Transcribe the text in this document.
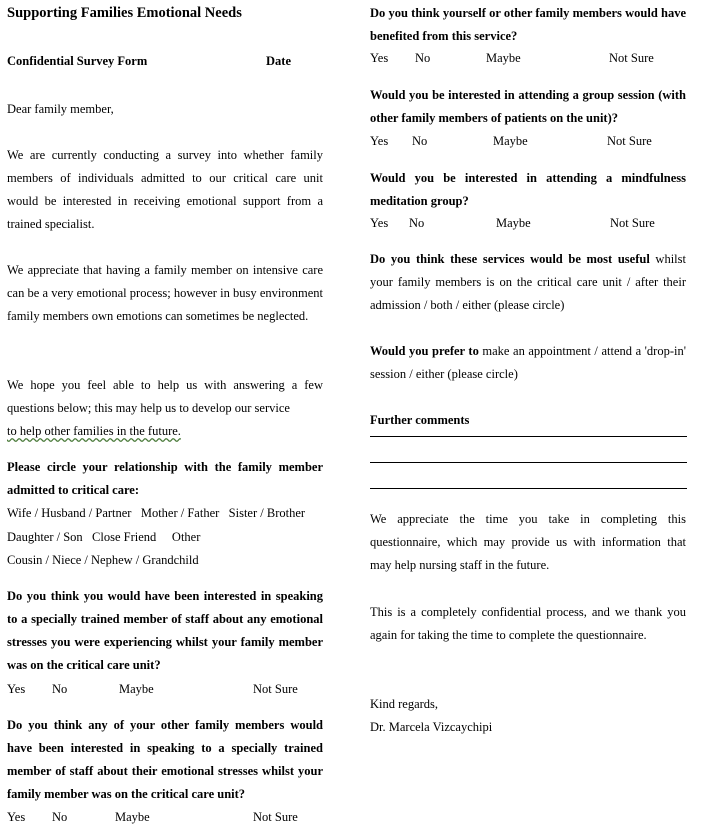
Supporting Families Emotional Needs
Confidential Survey Form	Date

Dear family member,

We are currently conducting a survey into whether family members of individuals admitted to our critical care unit would be interested in receiving emotional support from a trained specialist.

We appreciate that having a family member on intensive care can be a very emotional process; however in busy environment family members own emotions can sometimes be neglected.

We hope you feel able to help us with answering a few questions below; this may help us to develop our service

to help other families in the future.

Please circle your relationship with the family member admitted to critical care:

Wife / Husband / Partner   Mother / Father   Sister / Brother

Daughter / Son   Close Friend     Other

Cousin / Niece / Nephew / Grandchild

Do you think you would have been interested in speaking to a specially trained member of staff about any emotional stresses you were experiencing whilst your family member was on the critical care unit?

Yes No	Maybe	Not Sure

Do you think any of your other family members would have been interested in speaking to a specially trained member of staff about their emotional stresses whilst your family member was on the critical care unit?

Yes No	Maybe	Not Sure

Do you think yourself or other family members would have benefited from this service?

Yes No	Maybe	Not Sure

Would you be interested in attending a group session (with other family members of patients on the unit)?

Yes No	Maybe	Not Sure

Would you be interested in attending a mindfulness meditation group?

Yes No	Maybe	Not Sure

Do you think these services would be most useful whilst your family members is on the critical care unit / after their admission / both / either (please circle)

Would you prefer to make an appointment / attend a 'drop-in' session / either (please circle)

Further comments

We appreciate the time you take in completing this questionnaire, which may provide us with information that may help nursing staff in the future.

This is a completely confidential process, and we thank you again for taking the time to complete the questionnaire.

Kind regards,

Dr. Marcela Vizcaychipi
